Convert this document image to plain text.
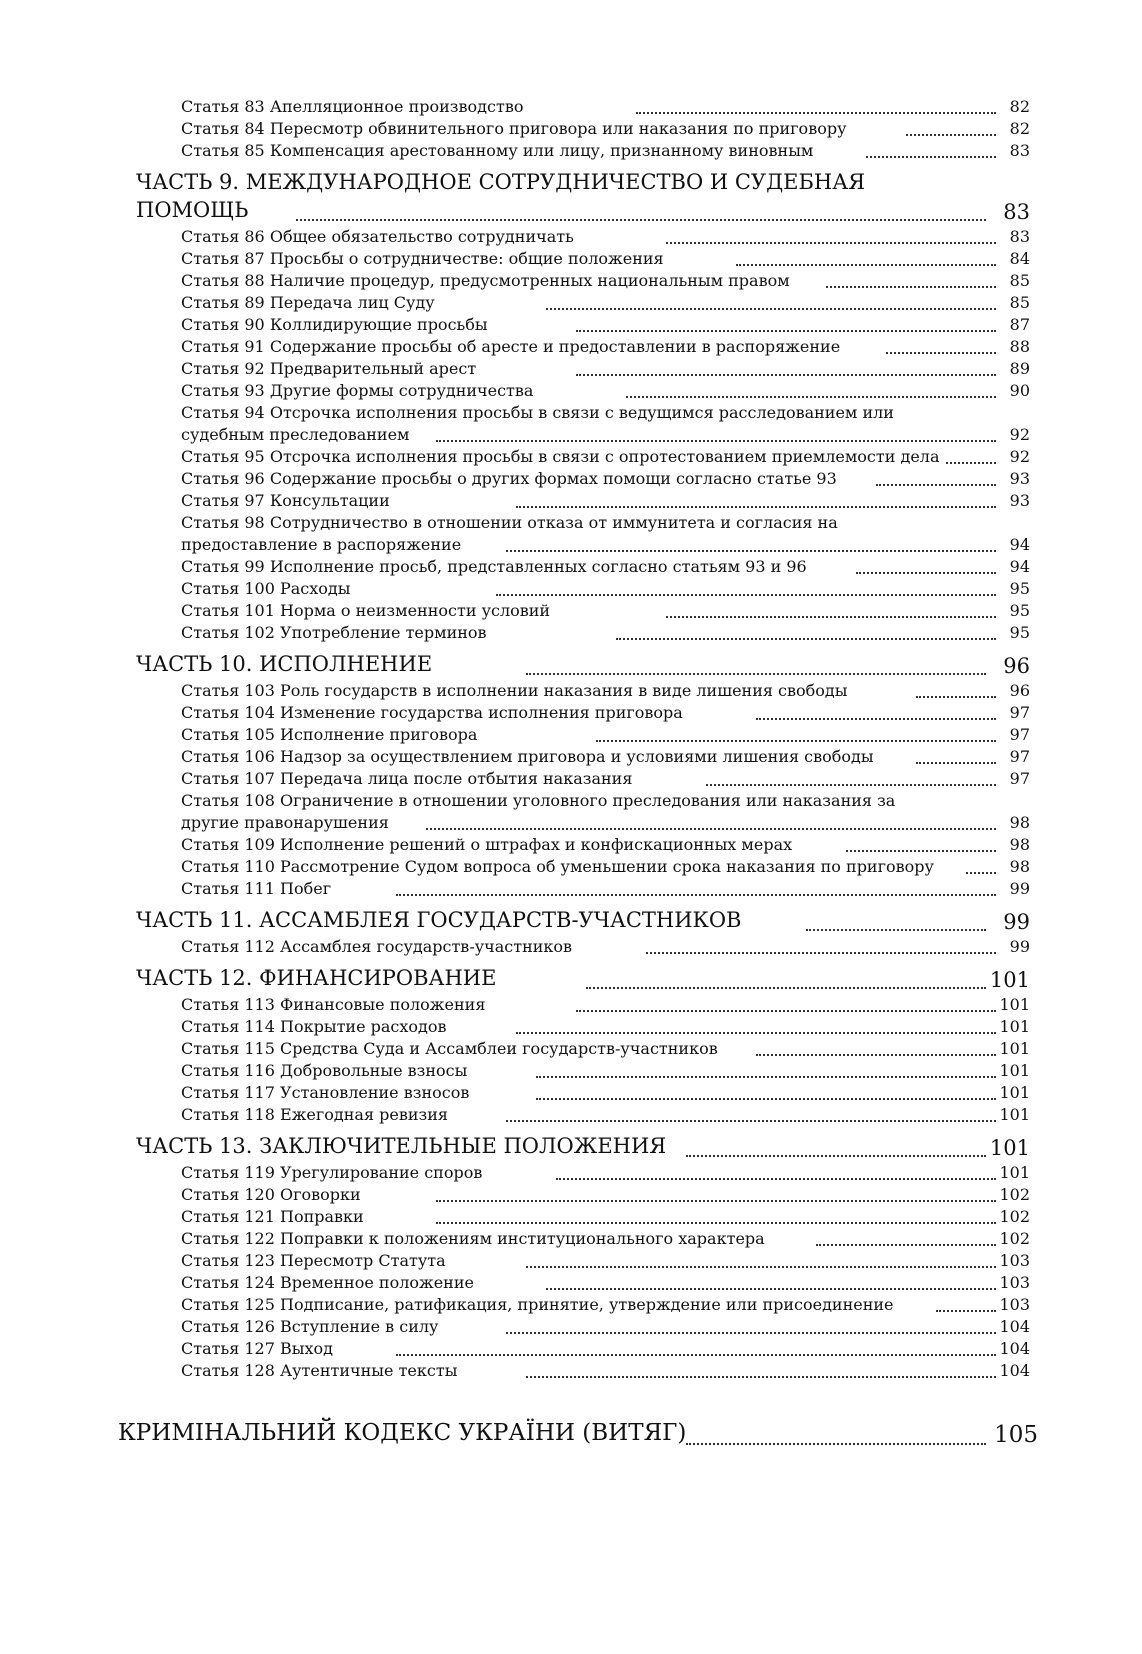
Статья 83 Апелляционное производство	82
Статья 84 Пересмотр обвинительного приговора или наказания по приговору	82
Статья 85 Компенсация арестованному или лицу, признанному виновным	83
ЧАСТЬ 9. МЕЖДУНАРОДНОЕ СОТРУДНИЧЕСТВО И СУДЕБНАЯ
ПОМОЩЬ	83
Статья 86 Общее обязательство сотрудничать	83
Статья 87 Просьбы о сотрудничестве: общие положения	84
Статья 88 Наличие процедур, предусмотренных национальным правом	85
Статья 89 Передача лиц Суду	85
Статья 90 Коллидирующие просьбы	87
Статья 91 Содержание просьбы об аресте и предоставлении в распоряжение	88
Статья 92 Предварительный арест	89
Статья 93 Другие формы сотрудничества	90
Статья 94 Отсрочка исполнения просьбы в связи с ведущимся расследованием или
судебным преследованием	92
Статья 95 Отсрочка исполнения просьбы в связи с опротестованием приемлемости дела	92
Статья 96 Содержание просьбы о других формах помощи согласно статье 93	93
Статья 97 Консультации	93
Статья 98 Сотрудничество в отношении отказа от иммунитета и согласия на
предоставление в распоряжение	94
Статья 99 Исполнение просьб, представленных согласно статьям 93 и 96	94
Статья 100 Расходы	95
Статья 101 Норма о неизменности условий	95
Статья 102 Употребление терминов	95
ЧАСТЬ 10. ИСПОЛНЕНИЕ	96
Статья 103 Роль государств в исполнении наказания в виде лишения свободы	96
Статья 104 Изменение государства исполнения приговора	97
Статья 105 Исполнение приговора	97
Статья 106 Надзор за осуществлением приговора и условиями лишения свободы	97
Статья 107 Передача лица после отбытия наказания	97
Статья 108 Ограничение в отношении уголовного преследования или наказания за
другие правонарушения	98
Статья 109 Исполнение решений о штрафах и конфискационных мерах	98
Статья 110 Рассмотрение Судом вопроса об уменьшении срока наказания по приговору	98
Статья 111 Побег	99
ЧАСТЬ 11. АССАМБЛЕЯ ГОСУДАРСТВ-УЧАСТНИКОВ	99
Статья 112 Ассамблея государств-участников	99
ЧАСТЬ 12. ФИНАНСИРОВАНИЕ	101
Статья 113 Финансовые положения	101
Статья 114 Покрытие расходов	101
Статья 115 Средства Суда и Ассамблеи государств-участников	101
Статья 116 Добровольные взносы	101
Статья 117 Установление взносов	101
Статья 118 Ежегодная ревизия	101
ЧАСТЬ 13. ЗАКЛЮЧИТЕЛЬНЫЕ ПОЛОЖЕНИЯ	101
Статья 119 Урегулирование споров	101
Статья 120 Оговорки	102
Статья 121 Поправки	102
Статья 122 Поправки к положениям институционального характера	102
Статья 123 Пересмотр Статута	103
Статья 124 Временное положение	103
Статья 125 Подписание, ратификация, принятие, утверждение или присоединение	103
Статья 126 Вступление в силу	104
Статья 127 Выход	104
Статья 128 Аутентичные тексты	104
КРИМІНАЛЬНИЙ КОДЕКС УКРАЇНИ (ВИТЯГ)	105
